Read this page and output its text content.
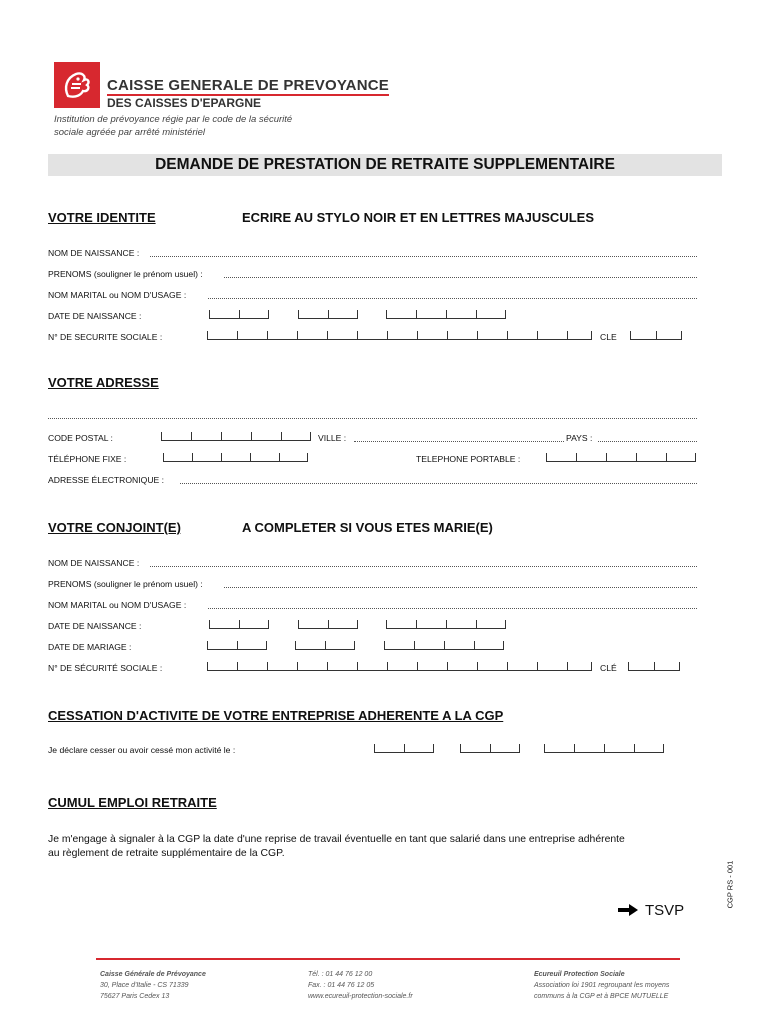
CAISSE GENERALE DE PREVOYANCE
DES CAISSES D'EPARGNE
Institution de prévoyance régie par le code de la sécurité
sociale agréée par arrêté ministériel
DEMANDE DE PRESTATION DE RETRAITE SUPPLEMENTAIRE
VOTRE IDENTITE	ECRIRE AU STYLO NOIR ET EN LETTRES MAJUSCULES
NOM DE NAISSANCE :
PRENOMS (souligner le prénom usuel) :
NOM MARITAL ou NOM D'USAGE :
DATE DE NAISSANCE :
N° DE SECURITE SOCIALE :	CLE
VOTRE ADRESSE
CODE POSTAL :	VILLE :	PAYS :
TÉLÉPHONE FIXE :	TELEPHONE PORTABLE :
ADRESSE ÉLECTRONIQUE :
VOTRE CONJOINT(E)	A COMPLETER SI VOUS ETES MARIE(E)
NOM DE NAISSANCE :
PRENOMS (souligner le prénom usuel) :
NOM MARITAL ou NOM D'USAGE :
DATE DE NAISSANCE :
DATE DE MARIAGE :
N° DE SÉCURITÉ SOCIALE :	CLÉ
CESSATION D'ACTIVITE DE VOTRE ENTREPRISE ADHERENTE A LA CGP
Je déclare cesser ou avoir cessé mon activité le :
CUMUL EMPLOI RETRAITE
Je m'engage à signaler à la CGP la date d'une reprise de travail éventuelle en tant que salarié dans une entreprise adhérente
au règlement de retraite supplémentaire de la CGP.
CGP RS - 001
TSVP
Caisse Générale de Prévoyance
30, Place d'Italie - CS 71339
75627 Paris Cedex 13
Tél. : 01 44 76 12 00
Fax. : 01 44 76 12 05
www.ecureuil-protection-sociale.fr
Ecureuil Protection Sociale
Association loi 1901 regroupant les moyens
communs à la CGP et à BPCE MUTUELLE
